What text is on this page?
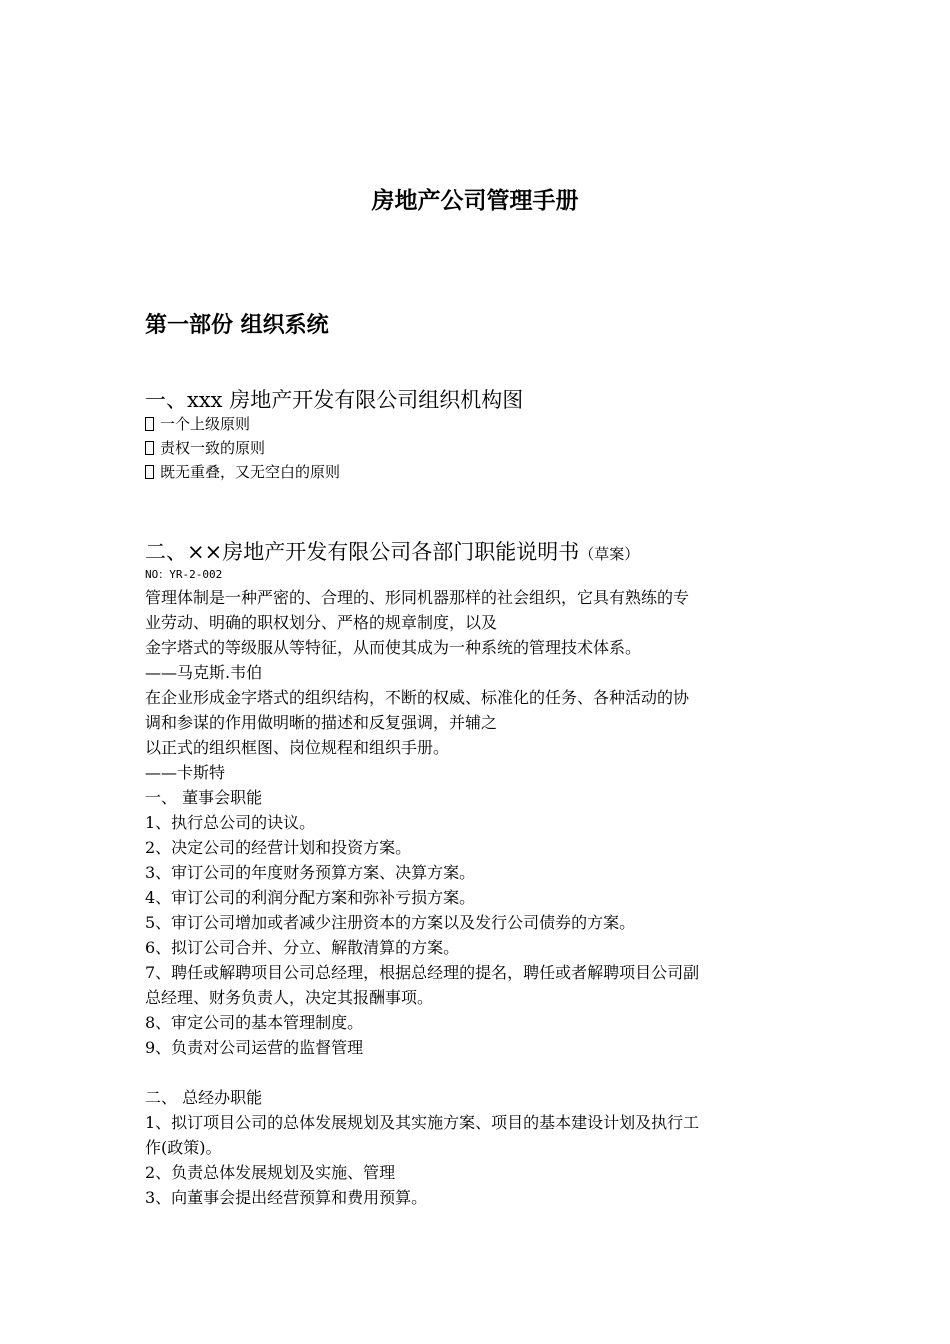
房地产公司管理手册
第一部份 组织系统
一、xxx 房地产开发有限公司组织机构图
一个上级原则
责权一致的原则
既无重叠，又无空白的原则
二、××房地产开发有限公司各部门职能说明书（草案）
NO：YR-2-002
管理体制是一种严密的、合理的、形同机器那样的社会组织，它具有熟练的专
业劳动、明确的职权划分、严格的规章制度，以及
金字塔式的等级服从等特征，从而使其成为一种系统的管理技术体系。
——马克斯.韦伯
在企业形成金字塔式的组织结构，不断的权威、标准化的任务、各种活动的协
调和参谋的作用做明晰的描述和反复强调，并辅之
以正式的组织框图、岗位规程和组织手册。
——卡斯特
一、 董事会职能
1、执行总公司的诀议。
2、决定公司的经营计划和投资方案。
3、审订公司的年度财务预算方案、决算方案。
4、审订公司的利润分配方案和弥补亏损方案。
5、审订公司增加或者减少注册资本的方案以及发行公司债券的方案。
6、拟订公司合并、分立、解散清算的方案。
7、聘任或解聘项目公司总经理，根据总经理的提名，聘任或者解聘项目公司副
总经理、财务负责人，决定其报酬事项。
8、审定公司的基本管理制度。
9、负责对公司运营的监督管理
二、 总经办职能
1、拟订项目公司的总体发展规划及其实施方案、项目的基本建设计划及执行工
作(政策)。
2、负责总体发展规划及实施、管理
3、向董事会提出经营预算和费用预算。
